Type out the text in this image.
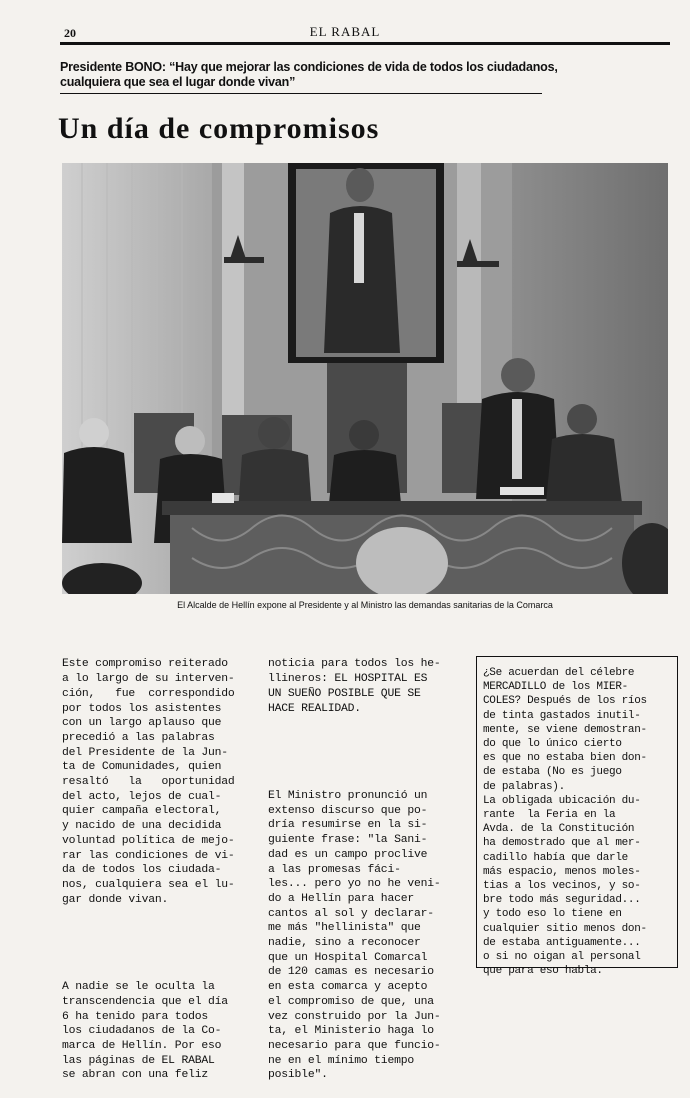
20	EL RABAL
Presidente BONO: “Hay que mejorar las condiciones de vida de todos los ciudadanos,
cualquiera que sea el lugar donde vivan”
Un día de compromisos
El Alcalde de Hellín expone al Presidente y al Ministro las demandas sanitarias de la Comarca

Este compromiso reiterado
a lo largo de su interven-
ción,   fue  correspondido
por todos los asistentes
con un largo aplauso que
precedió a las palabras
del Presidente de la Jun-
ta de Comunidades, quien
resaltó   la   oportunidad
del acto, lejos de cual-
quier campaña electoral,
y nacido de una decidida
voluntad política de mejo-
rar las condiciones de vi-
da de todos los ciudada-
nos, cualquiera sea el lu-
gar donde vivan.

A nadie se le oculta la
transcendencia que el día
6 ha tenido para todos
los ciudadanos de la Co-
marca de Hellín. Por eso
las páginas de EL RABAL
se abran con una feliz

noticia para todos los he-
llineros: EL HOSPITAL ES
UN SUEÑO POSIBLE QUE SE
HACE REALIDAD.

El Ministro pronunció un
extenso discurso que po-
dría resumirse en la si-
guiente frase: "la Sani-
dad es un campo proclive
a las promesas fáci-
les... pero yo no he veni-
do a Hellín para hacer
cantos al sol y declarar-
me más "hellinista" que
nadie, sino a reconocer
que un Hospital Comarcal
de 120 camas es necesario
en esta comarca y acepto
el compromiso de que, una
vez construido por la Jun-
ta, el Ministerio haga lo
necesario para que funcio-
ne en el mínimo tiempo
posible".

¿Se acuerdan del célebre
MERCADILLO de los MIER-
COLES? Después de los ríos
de tinta gastados inutil-
mente, se viene demostran-
do que lo único cierto
es que no estaba bien don-
de estaba (No es juego
de palabras).
La obligada ubicación du-
rante  la Feria en la
Avda. de la Constitución
ha demostrado que al mer-
cadillo había que darle
más espacio, menos moles-
tias a los vecinos, y so-
bre todo más seguridad...
y todo eso lo tiene en
cualquier sitio menos don-
de estaba antiguamente...
o si no oigan al personal
que para eso habla.
